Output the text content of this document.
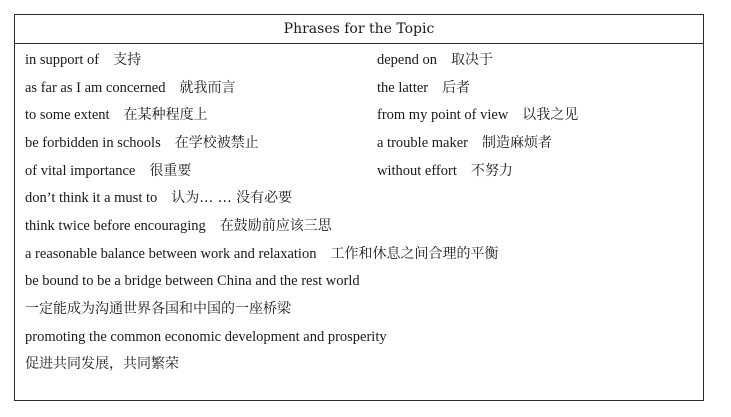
Phrases for the Topic
in support of 支持	depend on 取决于
as far as I am concerned 就我而言	the latter 后者
to some extent 在某种程度上	from my point of view 以我之见
be forbidden in schools 在学校被禁止	a trouble maker 制造麻烦者
of vital importance 很重要	without effort 不努力
don’t think it a must to 认为… … 没有必要
think twice before encouraging 在鼓励前应该三思
a reasonable balance between work and relaxation 工作和休息之间合理的平衡
be bound to be a bridge between China and the rest world
一定能成为沟通世界各国和中国的一座桥梁
promoting the common economic development and prosperity
促进共同发展，共同繁荣
